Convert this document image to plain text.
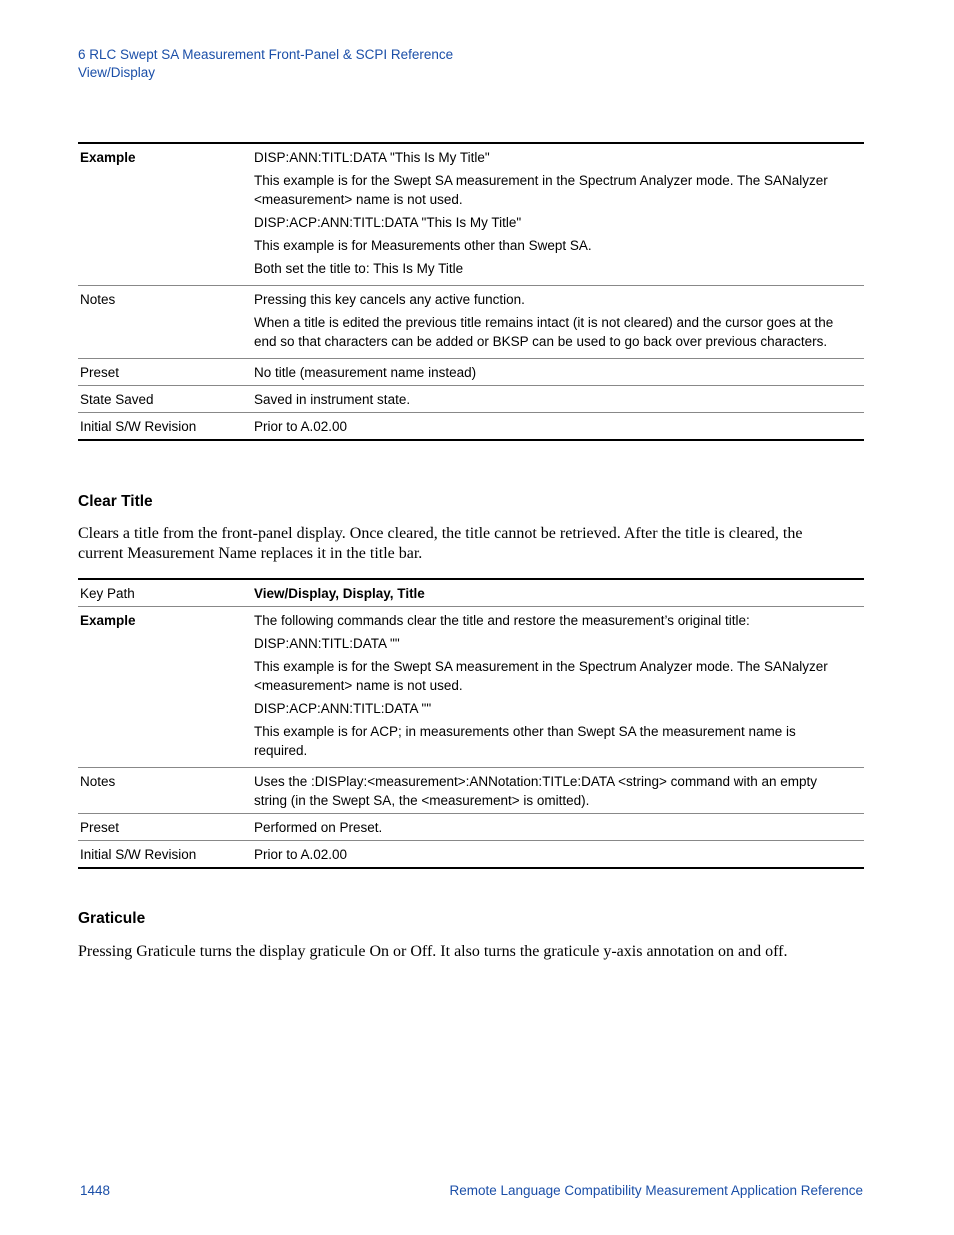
6 RLC Swept SA Measurement Front-Panel & SCPI Reference
View/Display
Example	DISP:ANN:TITL:DATA "This Is My Title"

This example is for the Swept SA measurement in the Spectrum Analyzer mode. The SANalyzer <measurement> name is not used.

DISP:ACP:ANN:TITL:DATA "This Is My Title"

This example is for Measurements other than Swept SA.

Both set the title to: This Is My Title

Notes	Pressing this key cancels any active function.

When a title is edited the previous title remains intact (it is not cleared) and the cursor goes at the end so that characters can be added or BKSP can be used to go back over previous characters.

Preset	No title (measurement name instead)
State Saved	Saved in instrument state.
Initial S/W Revision	Prior to A.02.00
Clear Title
Clears a title from the front-panel display. Once cleared, the title cannot be retrieved. After the title is cleared, the current Measurement Name replaces it in the title bar.
Key Path	View/Display, Display, Title
Example	The following commands clear the title and restore the measurement’s original title:

DISP:ANN:TITL:DATA ""

This example is for the Swept SA measurement in the Spectrum Analyzer mode. The SANalyzer <measurement> name is not used.

DISP:ACP:ANN:TITL:DATA ""

This example is for ACP; in measurements other than Swept SA the measurement name is required.

Notes	Uses the :DISPlay:<measurement>:ANNotation:TITLe:DATA <string> command with an empty string (in the Swept SA, the <measurement> is omitted).
Preset	Performed on Preset.
Initial S/W Revision	Prior to A.02.00
Graticule
Pressing Graticule turns the display graticule On or Off. It also turns the graticule y-axis annotation on and off.
1448	Remote Language Compatibility Measurement Application Reference
